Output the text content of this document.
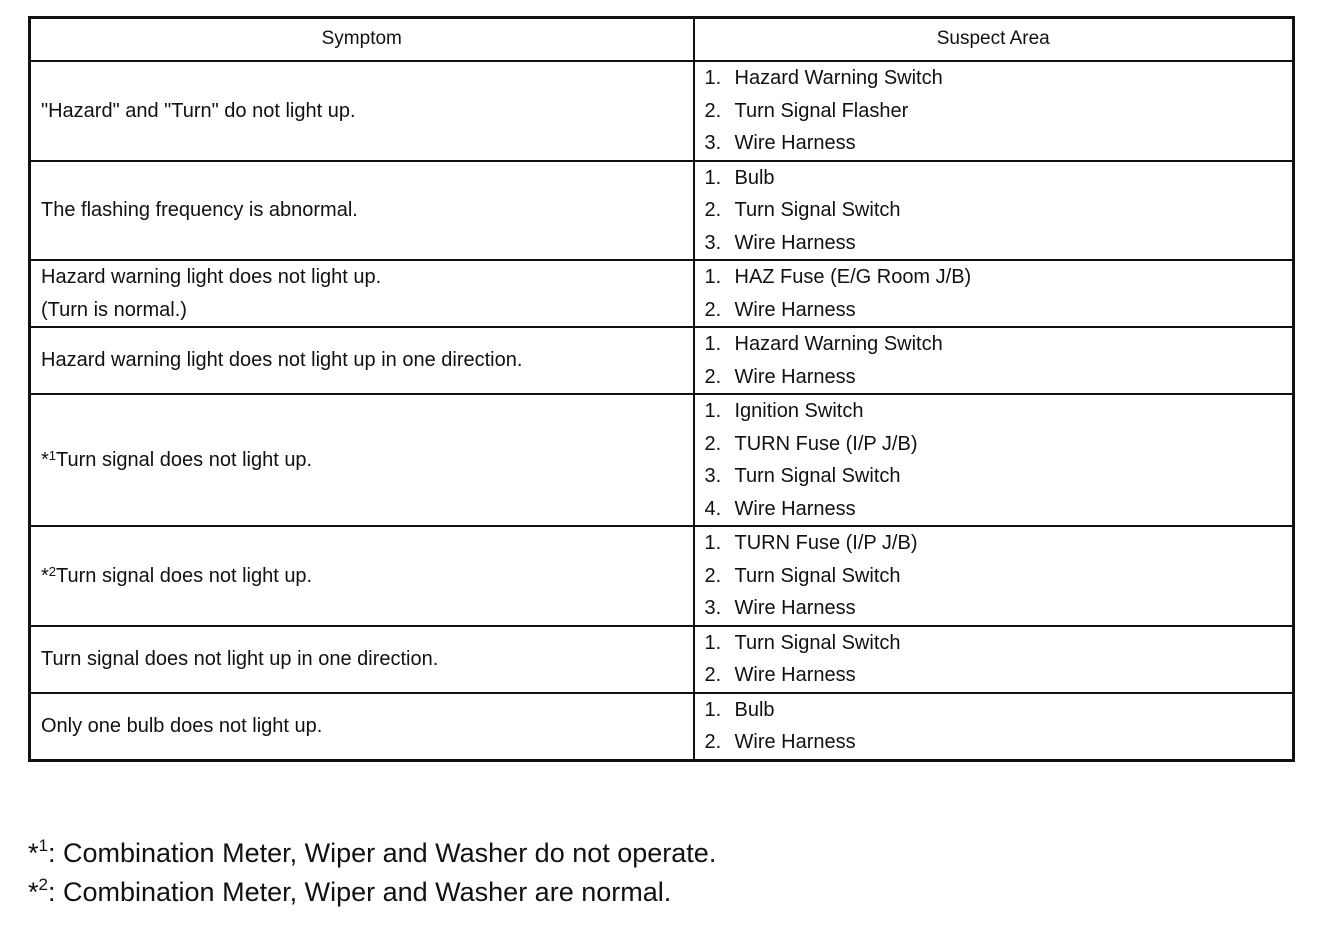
Symptom	Suspect Area

"Hazard" and "Turn" do not light up.	1. Hazard Warning Switch
2. Turn Signal Flasher
3. Wire Harness

The flashing frequency is abnormal.	1. Bulb
2. Turn Signal Switch
3. Wire Harness

Hazard warning light does not light up.
(Turn is normal.)	1. HAZ Fuse (E/G Room J/B)
2. Wire Harness

Hazard warning light does not light up in one direction.	1. Hazard Warning Switch
2. Wire Harness

*$^1$Turn signal does not light up.	1. Ignition Switch
2. TURN Fuse (I/P J/B)
3. Turn Signal Switch
4. Wire Harness

*$^2$Turn signal does not light up.	1. TURN Fuse (I/P J/B)
2. Turn Signal Switch
3. Wire Harness

Turn signal does not light up in one direction.	1. Turn Signal Switch
2. Wire Harness

Only one bulb does not light up.	1. Bulb
2. Wire Harness
*$^1$: Combination Meter, Wiper and Washer do not operate.
*$^2$: Combination Meter, Wiper and Washer are normal.
